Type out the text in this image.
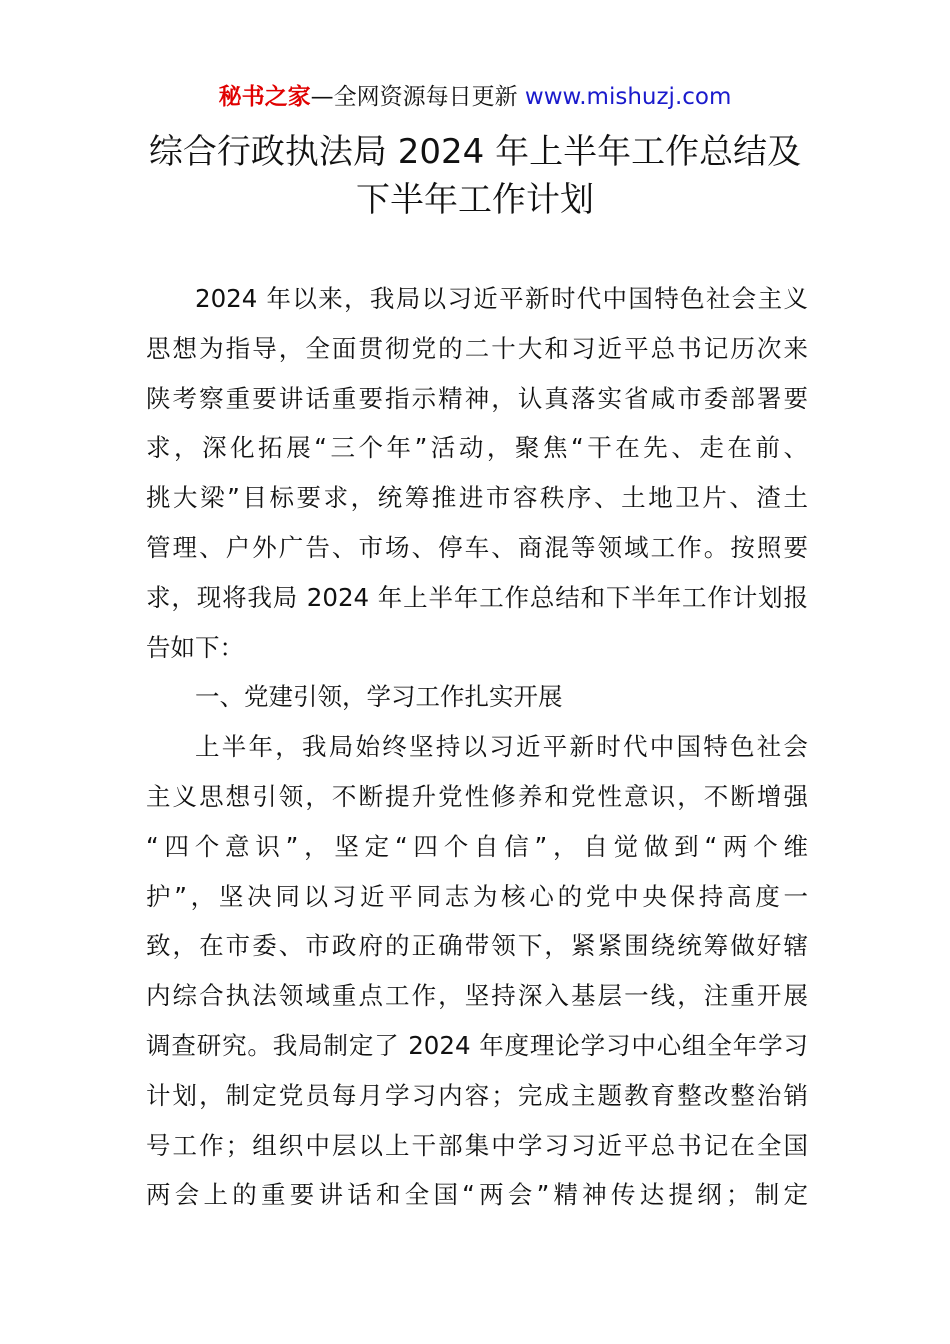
秘书之家—全网资源每日更新 www.mishuzj.com
综合行政执法局 2024 年上半年工作总结及
下半年工作计划
2024 年以来，我局以习近平新时代中国特色社会主义
思想为指导，全面贯彻党的二十大和习近平总书记历次来
陕考察重要讲话重要指示精神，认真落实省咸市委部署要
求，深化拓展“三个年”活动，聚焦“干在先、走在前、
挑大梁”目标要求，统筹推进市容秩序、土地卫片、渣土
管理、户外广告、市场、停车、商混等领域工作。按照要
求，现将我局 2024 年上半年工作总结和下半年工作计划报
告如下：
一、党建引领，学习工作扎实开展
上半年，我局始终坚持以习近平新时代中国特色社会
主义思想引领，不断提升党性修养和党性意识，不断增强
“四个意识”，坚定“四个自信”，自觉做到“两个维
护”，坚决同以习近平同志为核心的党中央保持高度一
致，在市委、市政府的正确带领下，紧紧围绕统筹做好辖
内综合执法领域重点工作，坚持深入基层一线，注重开展
调查研究。我局制定了 2024 年度理论学习中心组全年学习
计划，制定党员每月学习内容；完成主题教育整改整治销
号工作；组织中层以上干部集中学习习近平总书记在全国
两会上的重要讲话和全国“两会”精神传达提纲；制定
